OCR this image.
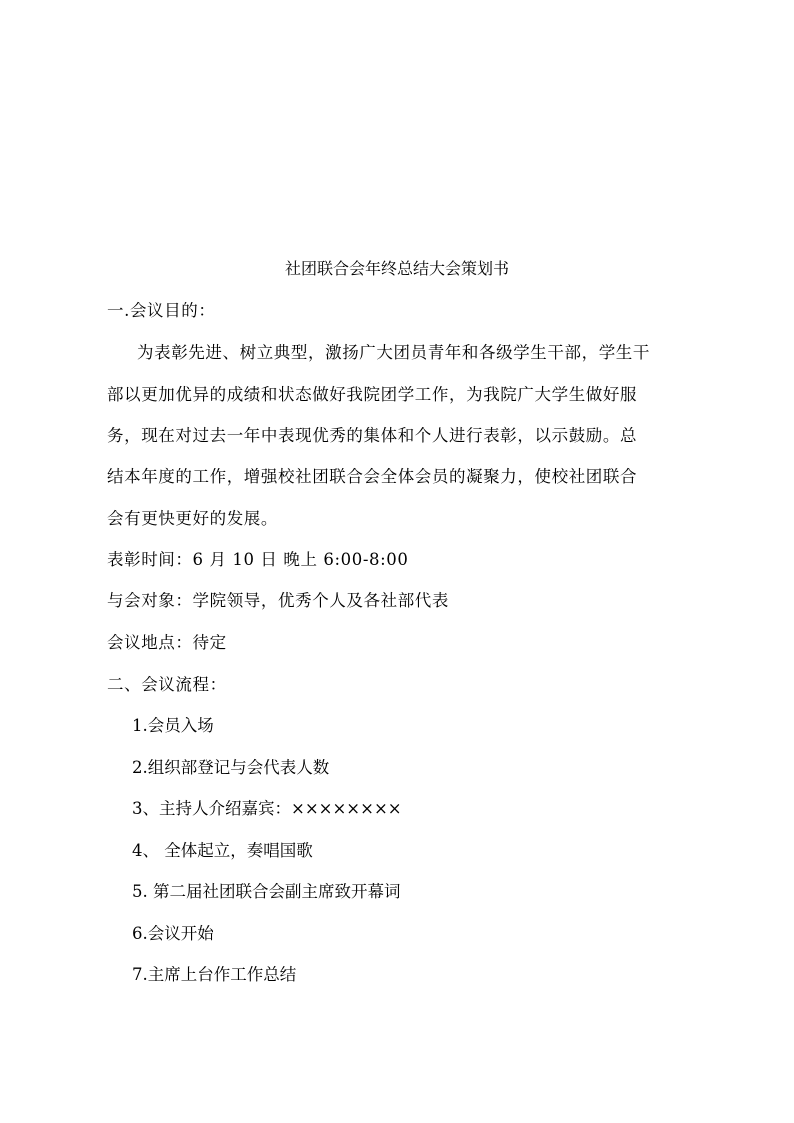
社团联合会年终总结大会策划书
一.会议目的：
为表彰先进、树立典型，激扬广大团员青年和各级学生干部，学生干
部以更加优异的成绩和状态做好我院团学工作，为我院广大学生做好服
务，现在对过去一年中表现优秀的集体和个人进行表彰，以示鼓励。总
结本年度的工作，增强校社团联合会全体会员的凝聚力，使校社团联合
会有更快更好的发展。
表彰时间：6 月 10 日 晚上 6:00-8:00
与会对象：学院领导，优秀个人及各社部代表
会议地点：待定
二、会议流程：
1.会员入场
2.组织部登记与会代表人数
3、主持人介绍嘉宾：××××××××
4、 全体起立，奏唱国歌
5. 第二届社团联合会副主席致开幕词
6.会议开始
7.主席上台作工作总结
